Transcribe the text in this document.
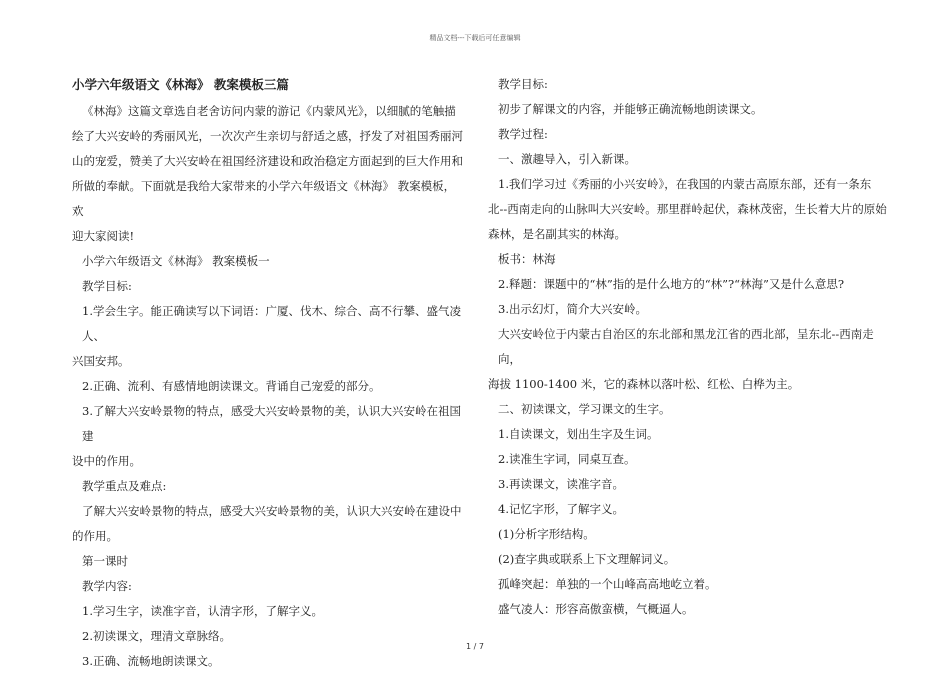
精品文档---下载后可任意编辑

小学六年级语文《林海》 教案模板三篇

《林海》这篇文章选自老舍访问内蒙的游记《内蒙风光》，以细腻的笔触描

绘了大兴安岭的秀丽风光，一次次产生亲切与舒适之感，抒发了对祖国秀丽河

山的宠爱，赞美了大兴安岭在祖国经济建设和政治稳定方面起到的巨大作用和

所做的奉献。下面就是我给大家带来的小学六年级语文《林海》 教案模板，欢

迎大家阅读!

小学六年级语文《林海》 教案模板一

教学目标:

1.学会生字。能正确读写以下词语：广厦、伐木、综合、高不行攀、盛气凌人、

兴国安邦。

2.正确、流利、有感情地朗读课文。背诵自己宠爱的部分。

3.了解大兴安岭景物的特点，感受大兴安岭景物的美，认识大兴安岭在祖国建

设中的作用。

教学重点及难点:

了解大兴安岭景物的特点，感受大兴安岭景物的美，认识大兴安岭在建设中

的作用。

第一课时

教学内容:

1.学习生字，读准字音，认清字形，了解字义。

2.初读课文，理清文章脉络。

3.正确、流畅地朗读课文。

教学目标:

初步了解课文的内容，并能够正确流畅地朗读课文。

教学过程:

一、激趣导入，引入新课。

1.我们学习过《秀丽的小兴安岭》，在我国的内蒙古高原东部，还有一条东

北--西南走向的山脉叫大兴安岭。那里群岭起伏，森林茂密，生长着大片的原始

森林，是名副其实的林海。

板书：林海

2.释题：课题中的“林”指的是什么地方的“林”?“林海”又是什么意思?

3.出示幻灯，简介大兴安岭。

大兴安岭位于内蒙古自治区的东北部和黑龙江省的西北部，呈东北--西南走向，

海拔 1100-1400 米，它的森林以落叶松、红松、白桦为主。

二、初读课文，学习课文的生字。

1.自读课文，划出生字及生词。

2.读准生字词，同桌互查。

3.再读课文，读准字音。

4.记忆字形，了解字义。

(1)分析字形结构。

(2)查字典或联系上下文理解词义。

孤峰突起：单独的一个山峰高高地屹立着。

盛气凌人：形容高傲蛮横，气概逼人。

1 / 7
